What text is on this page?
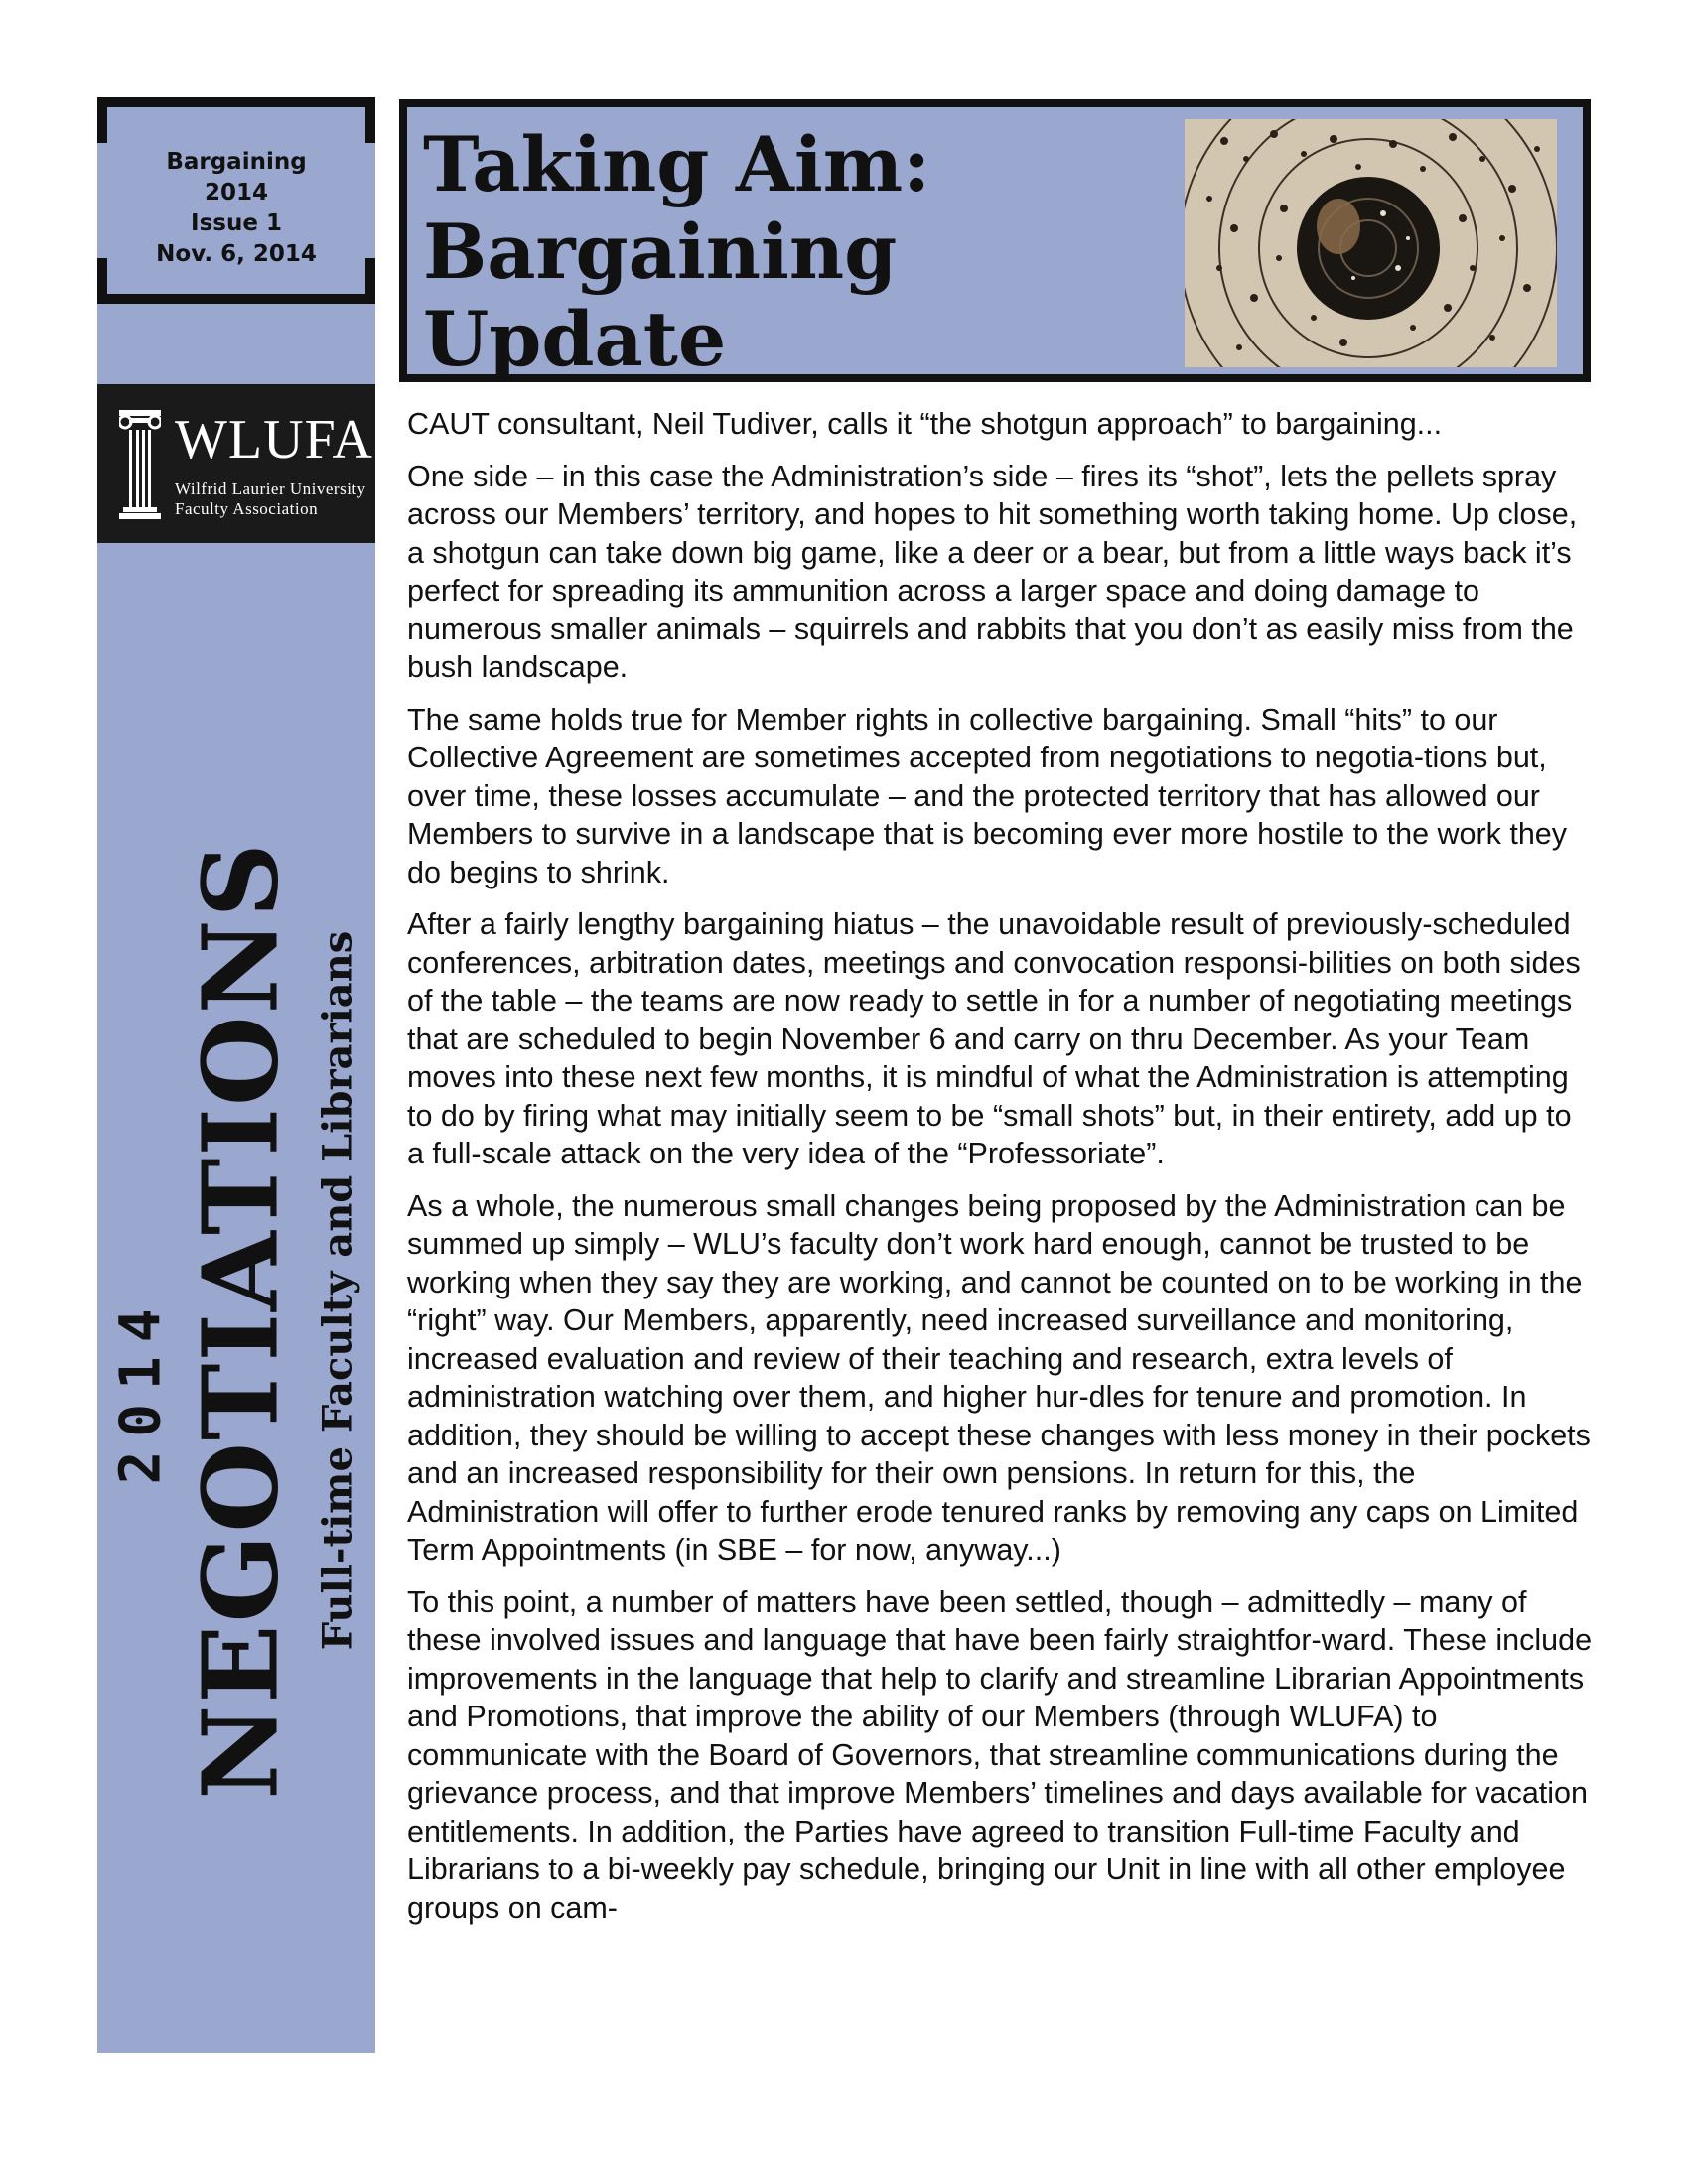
Bargaining
2014
Issue 1
Nov. 6, 2014
WLUFA
Wilfrid Laurier University
Faculty Association
2014 NEGOTIATIONS Full-time Faculty and Librarians
Taking Aim:
Bargaining Update

CAUT consultant, Neil Tudiver, calls it “the shotgun approach” to bargaining...

One side – in this case the Administration’s side – fires its “shot”, lets the pellets spray across our Members’ territory, and hopes to hit something worth taking home. Up close, a shotgun can take down big game, like a deer or a bear, but from a little ways back it’s perfect for spreading its ammunition across a larger space and doing damage to numerous smaller animals – squirrels and rabbits that you don’t as easily miss from the bush landscape.

The same holds true for Member rights in collective bargaining. Small “hits” to our Collective Agreement are sometimes accepted from negotiations to negotia-tions but, over time, these losses accumulate – and the protected territory that has allowed our Members to survive in a landscape that is becoming ever more hostile to the work they do begins to shrink.

After a fairly lengthy bargaining hiatus – the unavoidable result of previously-scheduled conferences, arbitration dates, meetings and convocation responsi-bilities on both sides of the table – the teams are now ready to settle in for a number of negotiating meetings that are scheduled to begin November 6 and carry on thru December. As your Team moves into these next few months, it is mindful of what the Administration is attempting to do by firing what may initially seem to be “small shots” but, in their entirety, add up to a full-scale attack on the very idea of the “Professoriate”.

As a whole, the numerous small changes being proposed by the Administration can be summed up simply – WLU’s faculty don’t work hard enough, cannot be trusted to be working when they say they are working, and cannot be counted on to be working in the “right” way. Our Members, apparently, need increased surveillance and monitoring, increased evaluation and review of their teaching and research, extra levels of administration watching over them, and higher hur-dles for tenure and promotion. In addition, they should be willing to accept these changes with less money in their pockets and an increased responsibility for their own pensions. In return for this, the Administration will offer to further erode tenured ranks by removing any caps on Limited Term Appointments (in SBE – for now, anyway...)

To this point, a number of matters have been settled, though – admittedly – many of these involved issues and language that have been fairly straightfor-ward. These include improvements in the language that help to clarify and streamline Librarian Appointments and Promotions, that improve the ability of our Members (through WLUFA) to communicate with the Board of Governors, that streamline communications during the grievance process, and that improve Members’ timelines and days available for vacation entitlements. In addition, the Parties have agreed to transition Full-time Faculty and Librarians to a bi-weekly pay schedule, bringing our Unit in line with all other employee groups on cam-
